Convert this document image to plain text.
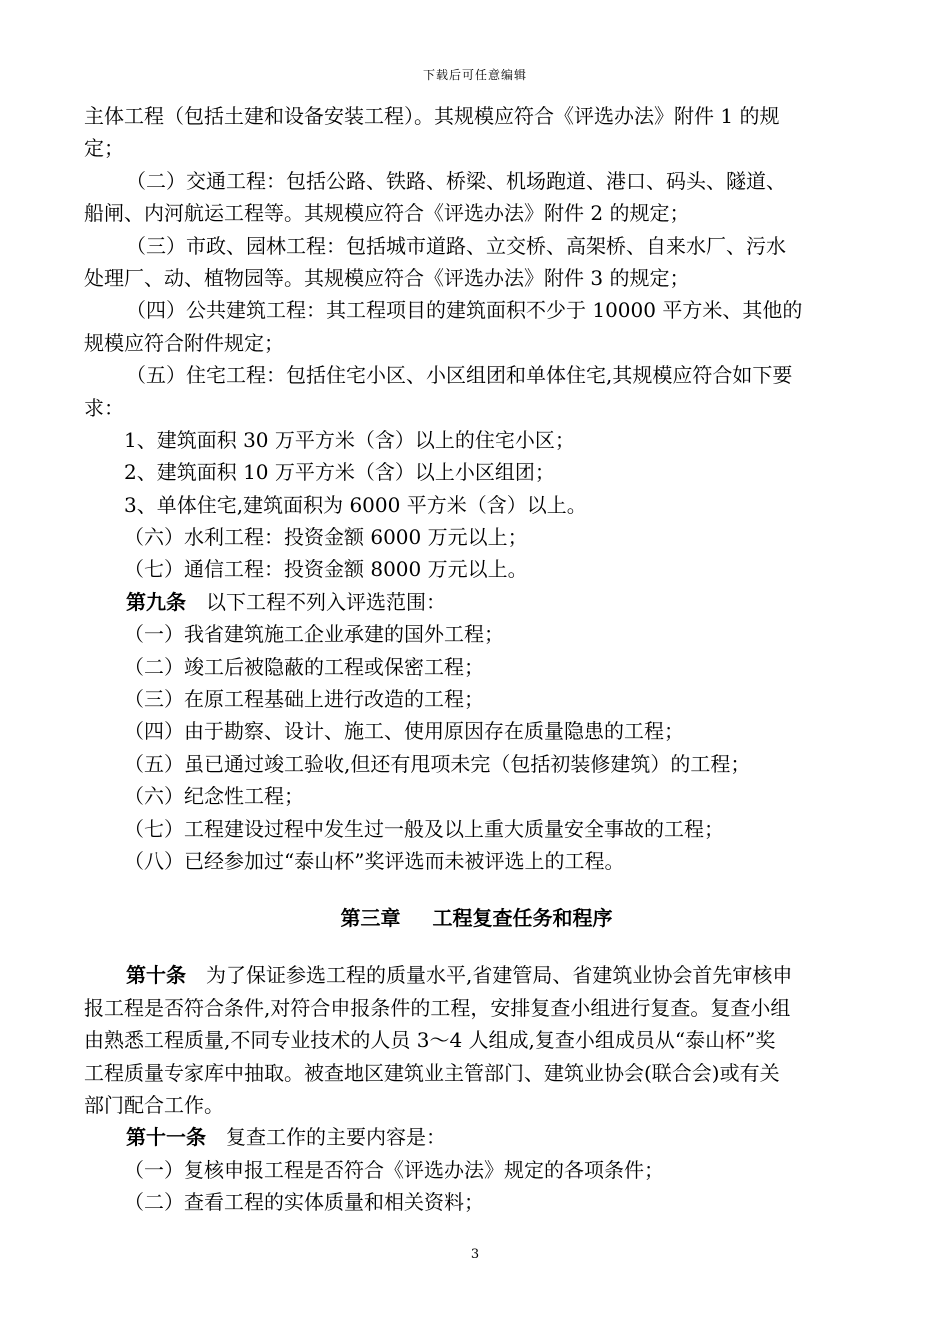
下载后可任意编辑
主体工程（包括土建和设备安装工程）。其规模应符合《评选办法》附件 1 的规
定；
（二）交通工程：包括公路、铁路、桥梁、机场跑道、港口、码头、隧道、
船闸、内河航运工程等。其规模应符合《评选办法》附件 2 的规定；
（三）市政、园林工程：包括城市道路、立交桥、高架桥、自来水厂、污水
处理厂、动、植物园等。其规模应符合《评选办法》附件 3 的规定；
（四）公共建筑工程：其工程项目的建筑面积不少于 10000 平方米、其他的
规模应符合附件规定；
（五）住宅工程：包括住宅小区、小区组团和单体住宅,其规模应符合如下要
求：
1、建筑面积 30 万平方米（含）以上的住宅小区；
2、建筑面积 10 万平方米（含）以上小区组团；
3、单体住宅,建筑面积为 6000 平方米（含）以上。
（六）水利工程：投资金额 6000 万元以上；
（七）通信工程：投资金额 8000 万元以上。
第九条 以下工程不列入评选范围：
（一）我省建筑施工企业承建的国外工程；
（二）竣工后被隐蔽的工程或保密工程；
（三）在原工程基础上进行改造的工程；
（四）由于勘察、设计、施工、使用原因存在质量隐患的工程；
（五）虽已通过竣工验收,但还有甩项未完（包括初装修建筑）的工程；
（六）纪念性工程；
（七）工程建设过程中发生过一般及以上重大质量安全事故的工程；
（八）已经参加过“泰山杯”奖评选而未被评选上的工程。
第三章 工程复查任务和程序
第十条 为了保证参选工程的质量水平,省建管局、省建筑业协会首先审核申
报工程是否符合条件,对符合申报条件的工程，安排复查小组进行复查。复查小组
由熟悉工程质量,不同专业技术的人员 3～4 人组成,复查小组成员从“泰山杯”奖
工程质量专家库中抽取。被查地区建筑业主管部门、建筑业协会(联合会)或有关
部门配合工作。
第十一条 复查工作的主要内容是：
（一）复核申报工程是否符合《评选办法》规定的各项条件；
（二）查看工程的实体质量和相关资料；
3
